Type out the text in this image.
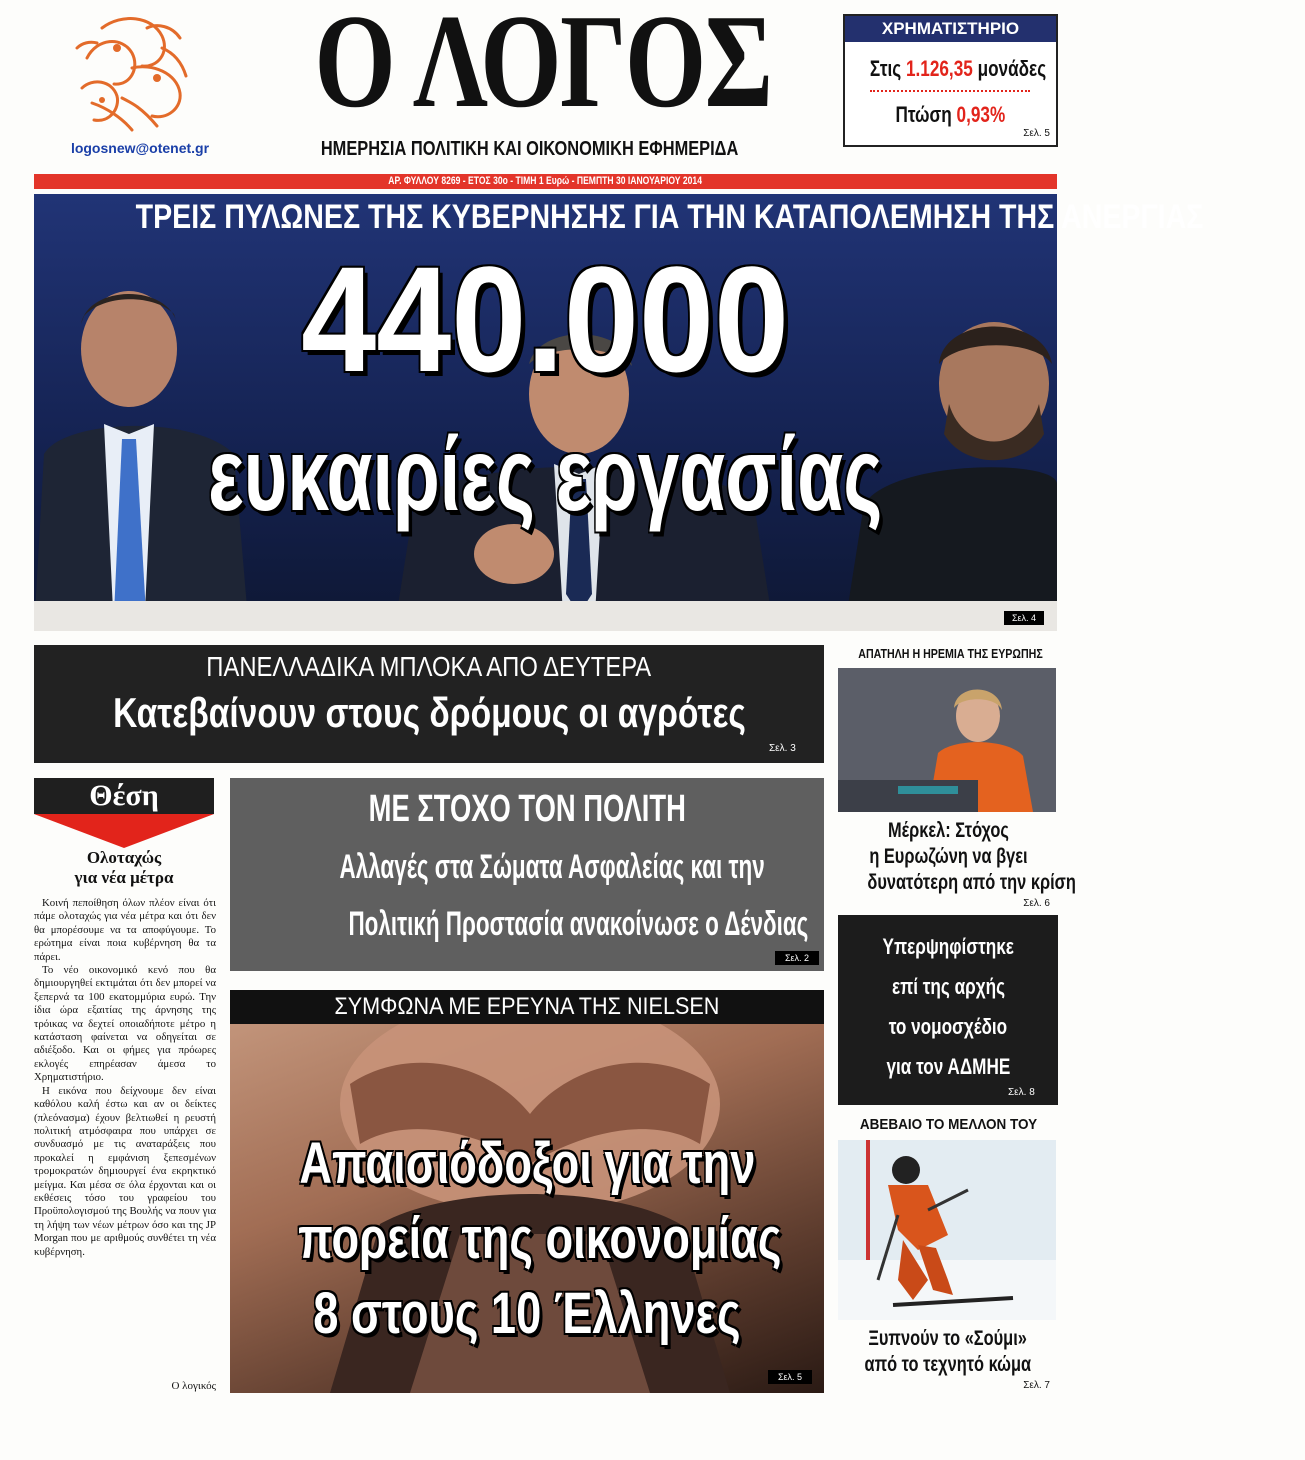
logosnew@otenet.gr
Ο ΛΟΓΟΣ
ΗΜΕΡΗΣΙΑ ΠΟΛΙΤΙΚΗ ΚΑΙ ΟΙΚΟΝΟΜΙΚΗ ΕΦΗΜΕΡΙΔΑ
ΧΡΗΜΑΤΙΣΤΗΡΙΟ
Στις 1.126,35 μονάδες
Πτώση 0,93%
Σελ. 5
ΑΡ. ΦΥΛΛΟΥ 8269 - ΕΤΟΣ 30ο - ΤΙΜΗ 1 Ευρώ - ΠΕΜΠΤΗ 30 ΙΑΝΟΥΑΡΙΟΥ 2014
ΤΡΕΙΣ ΠΥΛΩΝΕΣ ΤΗΣ ΚΥΒΕΡΝΗΣΗΣ ΓΙΑ ΤΗΝ ΚΑΤΑΠΟΛΕΜΗΣΗ ΤΗΣ ΑΝΕΡΓΙΑΣ
440.000
ευκαιρίες εργασίας
Σελ. 4
ΠΑΝΕΛΛΑΔΙΚΑ ΜΠΛΟΚΑ ΑΠΟ ΔΕΥΤΕΡΑ
Κατεβαίνουν στους δρόμους οι αγρότες
Σελ. 3
ΑΠΑΤΗΛΗ Η ΗΡΕΜΙΑ ΤΗΣ ΕΥΡΩΠΗΣ
Μέρκελ: Στόχος
η Ευρωζώνη να βγει
δυνατότερη από την κρίση
Σελ. 6
Θέση
Ολοταχώς
για νέα μέτρα

Κοινή πεποίθηση όλων πλέον είναι ότι πάμε ολοταχώς για νέα μέτρα και ότι δεν θα μπορέσουμε να τα αποφύγουμε. Το ερώτημα είναι ποια κυβέρνηση θα τα πάρει.

Το νέο οικονομικό κενό που θα δημιουργηθεί εκτιμάται ότι δεν μπορεί να ξεπερνά τα 100 εκατομμύρια ευρώ. Την ίδια ώρα εξαιτίας της άρνησης της τρόικας να δεχτεί οποιαδήποτε μέτρο η κατάσταση φαίνεται να οδηγείται σε αδιέξοδο. Και οι φήμες για πρόωρες εκλογές επηρέασαν άμεσα το Χρηματιστήριο.

Η εικόνα που δείχνουμε δεν είναι καθόλου καλή έστω και αν οι δείκτες (πλεόνασμα) έχουν βελτιωθεί η ρευστή πολιτική ατμόσφαιρα που υπάρχει σε συνδυασμό με τις αναταράξεις που προκαλεί η εμφάνιση ξεπεσμένων τρομοκρατών δημιουργεί ένα εκρηκτικό μείγμα. Και μέσα σε όλα έρχονται και οι εκθέσεις τόσο του γραφείου του Προϋπολογισμού της Βουλής να πουν για τη λήψη των νέων μέτρων όσο και της JP Morgan που με αριθμούς συνθέτει τη νέα κυβέρνηση.

Ο λογικός
ΜΕ ΣΤΟΧΟ ΤΟΝ ΠΟΛΙΤΗ
Αλλαγές στα Σώματα Ασφαλείας και την
Πολιτική Προστασία ανακοίνωσε ο Δένδιας
Σελ. 2	Υπερψηφίστηκε
επί της αρχής
το νομοσχέδιο
για τον ΑΔΜΗΕ
Σελ. 8
ΣΥΜΦΩΝΑ ΜΕ ΕΡΕΥΝΑ ΤΗΣ NIELSEN
Απαισιόδοξοι για την
πορεία της οικονομίας
8 στους 10 Έλληνες
Σελ. 5
ΑΒΕΒΑΙΟ ΤΟ ΜΕΛΛΟΝ ΤΟΥ
Ξυπνούν το «Σούμι»
από το τεχνητό κώμα
Σελ. 7
